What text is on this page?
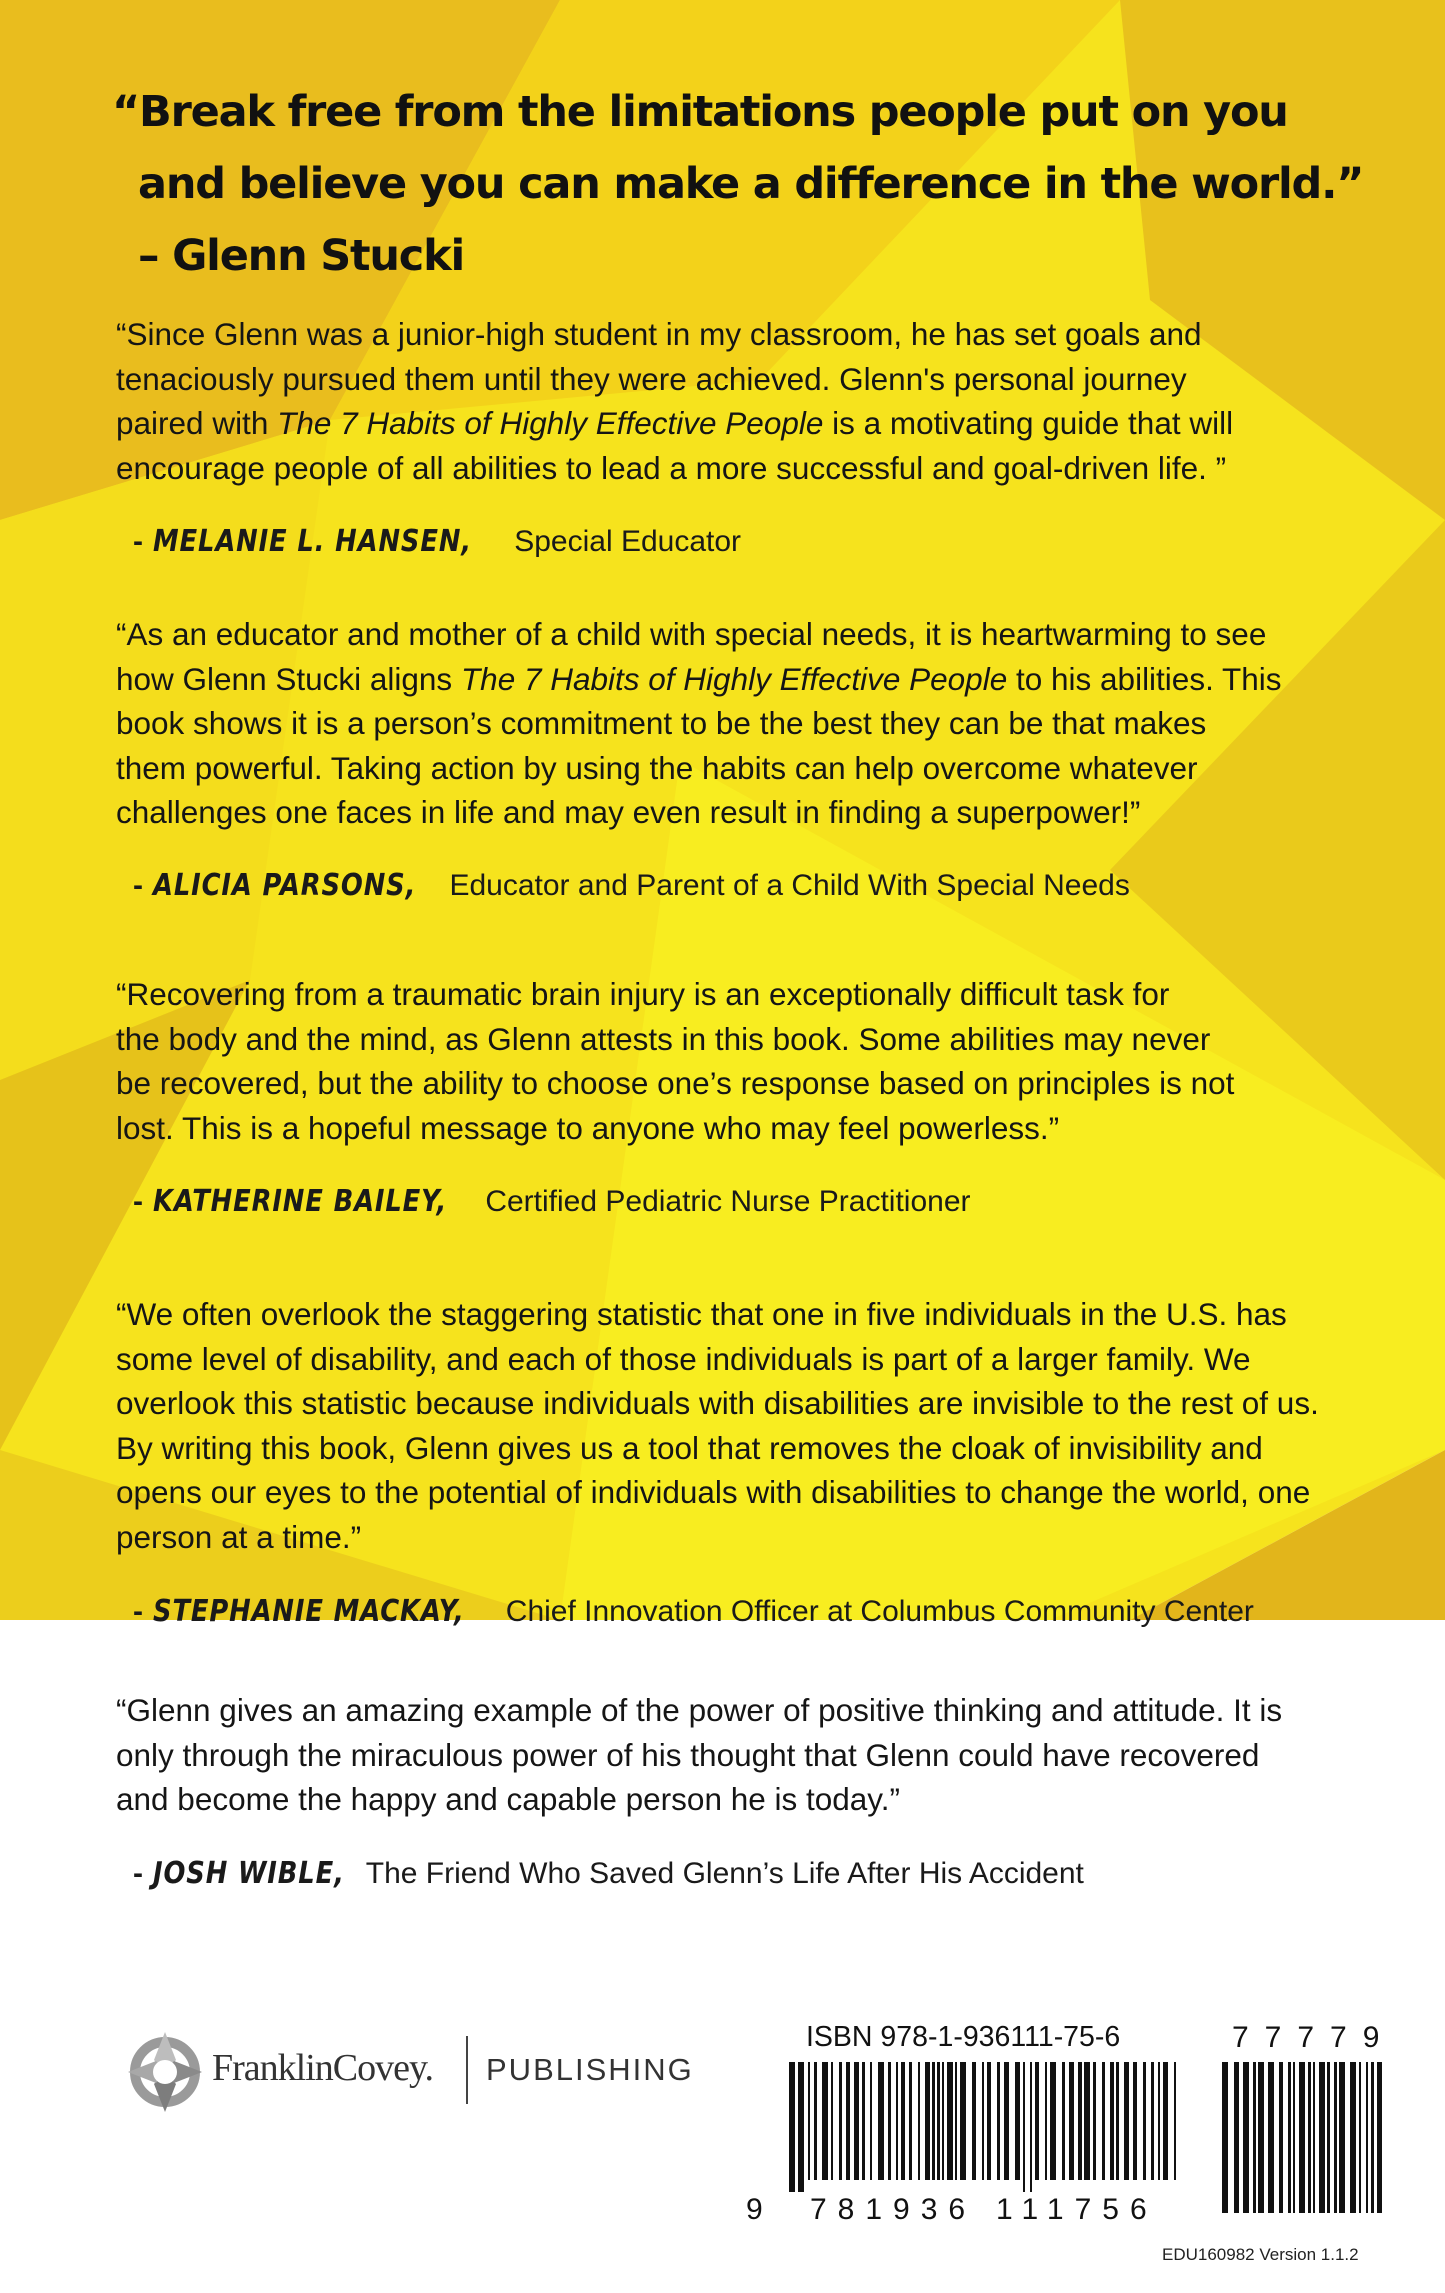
“Break free from the limitations people put on you
and believe you can make a difference in the world.”
– Glenn Stucki
“Since Glenn was a junior-high student in my classroom, he has set goals and
tenaciously pursued them until they were achieved. Glenn's personal journey
paired with The 7 Habits of Highly Effective People is a motivating guide that will
encourage people of all abilities to lead a more successful and goal-driven life. ”
- MELANIE L. HANSEN, Special Educator
“As an educator and mother of a child with special needs, it is heartwarming to see
how Glenn Stucki aligns The 7 Habits of Highly Effective People to his abilities. This
book shows it is a person’s commitment to be the best they can be that makes
them powerful. Taking action by using the habits can help overcome whatever
challenges one faces in life and may even result in finding a superpower!”
- ALICIA PARSONS, Educator and Parent of a Child With Special Needs
“Recovering from a traumatic brain injury is an exceptionally difficult task for
the body and the mind, as Glenn attests in this book. Some abilities may never
be recovered, but the ability to choose one’s response based on principles is not
lost. This is a hopeful message to anyone who may feel powerless.”
- KATHERINE BAILEY, Certified Pediatric Nurse Practitioner
“We often overlook the staggering statistic that one in five individuals in the U.S. has
some level of disability, and each of those individuals is part of a larger family. We
overlook this statistic because individuals with disabilities are invisible to the rest of us.
By writing this book, Glenn gives us a tool that removes the cloak of invisibility and
opens our eyes to the potential of individuals with disabilities to change the world, one
person at a time.”
- STEPHANIE MACKAY, Chief Innovation Officer at Columbus Community Center
“Glenn gives an amazing example of the power of positive thinking and attitude. It is
only through the miraculous power of his thought that Glenn could have recovered
and become the happy and capable person he is today.”
- JOSH WIBLE, The Friend Who Saved Glenn’s Life After His Accident
FranklinCovey. PUBLISHING
ISBN 978-1-936111-75-6	77779
9 781936 111756
EDU160982 Version 1.1.2
